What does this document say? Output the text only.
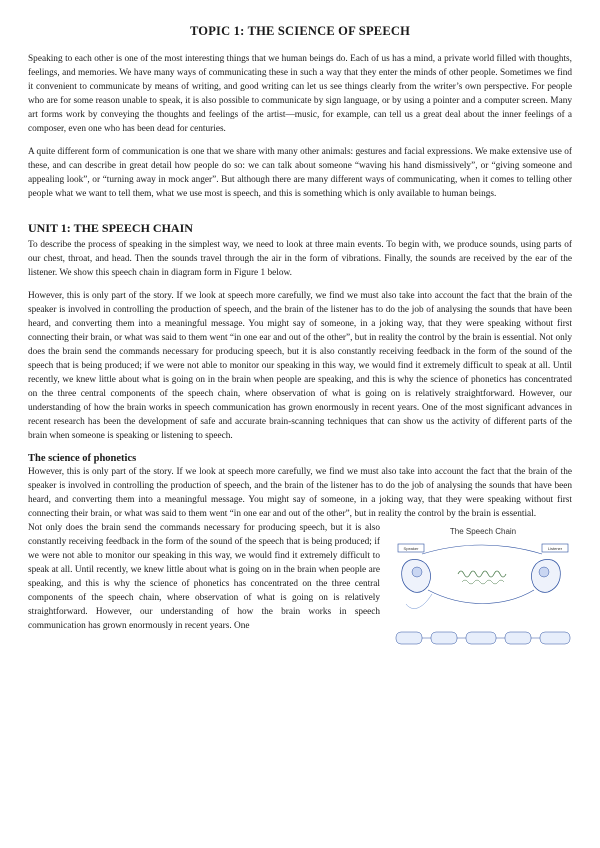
TOPIC 1: THE SCIENCE OF SPEECH

Speaking to each other is one of the most interesting things that we human beings do. Each of us has a mind, a private world filled with thoughts, feelings, and memories. We have many ways of communicating these in such a way that they enter the minds of other people. Sometimes we find it convenient to communicate by means of writing, and good writing can let us see things clearly from the writer’s own perspective. For people who are for some reason unable to speak, it is also possible to communicate by sign language, or by using a pointer and a computer screen. Many art forms work by conveying the thoughts and feelings of the artist—music, for example, can tell us a great deal about the inner feelings of a composer, even one who has been dead for centuries.

A quite different form of communication is one that we share with many other animals: gestures and facial expressions. We make extensive use of these, and can describe in great detail how people do so: we can talk about someone “waving his hand dismissively”, or “giving someone and appealing look”, or “turning away in mock anger”. But although there are many different ways of communicating, when it comes to telling other people what we want to tell them, what we use most is speech, and this is something which is only available to human beings.

UNIT 1: THE SPEECH CHAIN

To describe the process of speaking in the simplest way, we need to look at three main events. To begin with, we produce sounds, using parts of our chest, throat, and head. Then the sounds travel through the air in the form of vibrations. Finally, the sounds are received by the ear of the listener. We show this speech chain in diagram form in Figure 1 below.

However, this is only part of the story. If we look at speech more carefully, we find we must also take into account the fact that the brain of the speaker is involved in controlling the production of speech, and the brain of the listener has to do the job of analysing the sounds that have been heard, and converting them into a meaningful message. You might say of someone, in a joking way, that they were speaking without first connecting their brain, or what was said to them went “in one ear and out of the other”, but in reality the control by the brain is essential. Not only does the brain send the commands necessary for producing speech, but it is also constantly receiving feedback in the form of the sound of the speech that is being produced; if we were not able to monitor our speaking in this way, we would find it extremely difficult to speak at all. Until recently, we knew little about what is going on in the brain when people are speaking, and this is why the science of phonetics has concentrated on the three central components of the speech chain, where observation of what is going on is relatively straightforward. However, our understanding of how the brain works in speech communication has grown enormously in recent years. One of the most significant advances in recent research has been the development of safe and accurate brain-scanning techniques that can show us the activity of different parts of the brain when someone is speaking or listening to speech.

The science of phonetics

However, this is only part of the story. If we look at speech more carefully, we find we must also take into account the fact that the brain of the speaker is involved in controlling the production of speech, and the brain of the listener has to do the job of analysing the sounds that have been heard, and converting them into a meaningful message. You might say of someone, in a joking way, that they were speaking without first connecting their brain, or what was said to them went “in one ear and out of the other”, but in reality the control by the brain is essential.

The Speech Chain
Speaker	Listener

Not only does the brain send the commands necessary for producing speech, but it is also constantly receiving feedback in the form of the sound of the speech that is being produced; if we were not able to monitor our speaking in this way, we would find it extremely difficult to speak at all. Until recently, we knew little about what is going on in the brain when people are speaking, and this is why the science of phonetics has concentrated on the three central components of the speech chain, where observation of what is going on is relatively straightforward. However, our understanding of how the brain works in speech communication has grown enormously in recent years. One
